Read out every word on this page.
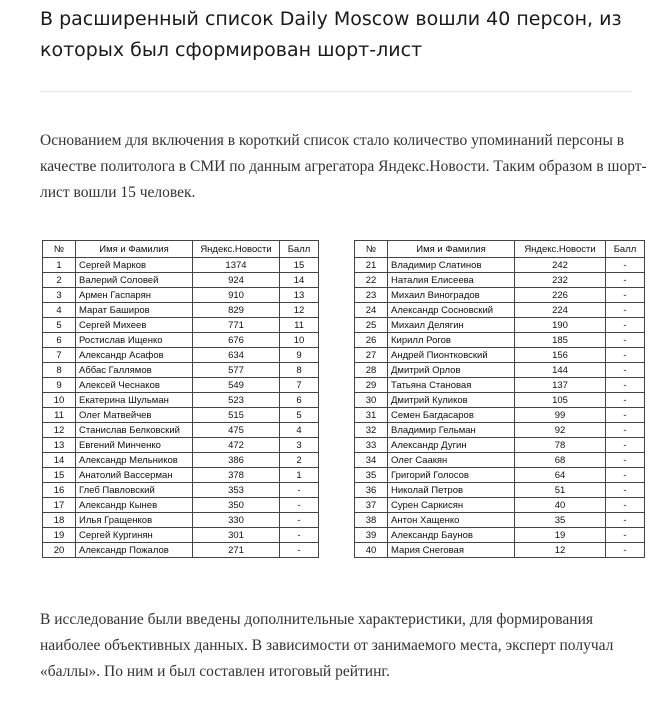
В расширенный список Daily Moscow вошли 40 персон, из которых был сформирован шорт-лист

Основанием для включения в короткий список стало количество упоминаний персоны в качестве политолога в СМИ по данным агрегатора Яндекс.Новости. Таким образом в шорт-лист вошли 15 человек.

№	Имя и Фамилия	Яндекс.Новости	Балл
1	Сергей Марков	1374	15
2	Валерий Соловей	924	14
3	Армен Гаспарян	910	13
4	Марат Баширов	829	12
5	Сергей Михеев	771	11
6	Ростислав Ищенко	676	10
7	Александр Асафов	634	9
8	Аббас Галлямов	577	8
9	Алексей Чеснаков	549	7
10	Екатерина Шульман	523	6
11	Олег Матвейчев	515	5
12	Станислав Белковский	475	4
13	Евгений Минченко	472	3
14	Александр Мельников	386	2
15	Анатолий Вассерман	378	1
16	Глеб Павловский	353	-
17	Александр Кынев	350	-
18	Илья Гращенков	330	-
19	Сергей Кургинян	301	-
20	Александр Пожалов	271	-
№	Имя и Фамилия	Яндекс.Новости	Балл
21	Владимир Слатинов	242	-
22	Наталия Елисеева	232	-
23	Михаил Виноградов	226	-
24	Александр Сосновский	224	-
25	Михаил Делягин	190	-
26	Кирилл Рогов	185	-
27	Андрей Пионтковский	156	-
28	Дмитрий Орлов	144	-
29	Татьяна Становая	137	-
30	Дмитрий Куликов	105	-
31	Семен Багдасаров	99	-
32	Владимир Гельман	92	-
33	Александр Дугин	78	-
34	Олег Саакян	68	-
35	Григорий Голосов	64	-
36	Николай Петров	51	-
37	Сурен Саркисян	40	-
38	Антон Хащенко	35	-
39	Александр Баунов	19	-
40	Мария Снеговая	12	-

В исследование были введены дополнительные характеристики, для формирования наиболее объективных данных. В зависимости от занимаемого места, эксперт получал «баллы». По ним и был составлен итоговый рейтинг.
